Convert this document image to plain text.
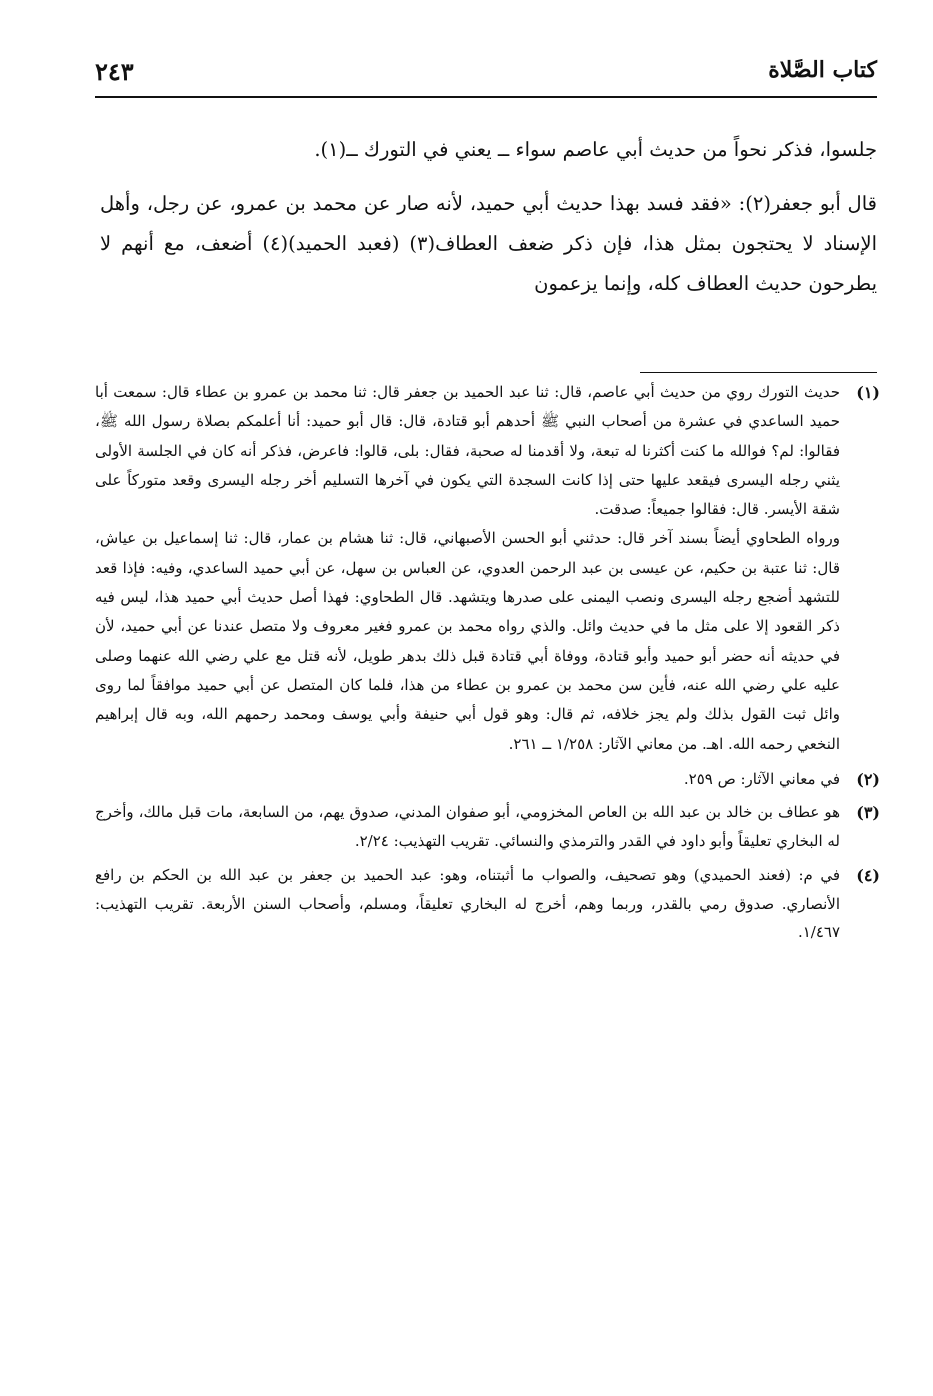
كتاب الصَّلاة
٢٤٣

جلسوا، فذكر نحواً من حديث أبي عاصم سواء ــ يعني في التورك ــ(١).

قال أبو جعفر(٢): «فقد فسد بهذا حديث أبي حميد، لأنه صار عن محمد بن عمرو، عن رجل، وأهل الإسناد لا يحتجون بمثل هذا، فإن ذكر ضعف العطاف(٣) (فعبد الحميد)(٤) أضعف، مع أنهم لا يطرحون حديث العطاف كله، وإنما يزعمون

(١)

حديث التورك روي من حديث أبي عاصم، قال: ثنا عبد الحميد بن جعفر قال: ثنا محمد بن عمرو بن عطاء قال: سمعت أبا حميد الساعدي في عشرة من أصحاب النبي ﷺ أحدهم أبو قتادة، قال: قال أبو حميد: أنا أعلمكم بصلاة رسول الله ﷺ، فقالوا: لم؟ فوالله ما كنت أكثرنا له تبعة، ولا أقدمنا له صحبة، فقال: بلى، قالوا: فاعرض، فذكر أنه كان في الجلسة الأولى يثني رجله اليسرى فيقعد عليها حتى إذا كانت السجدة التي يكون في آخرها التسليم أخر رجله اليسرى وقعد متوركاً على شقة الأيسر. قال: فقالوا جميعاً: صدقت.

ورواه الطحاوي أيضاً بسند آخر قال: حدثني أبو الحسن الأصبهاني، قال: ثنا هشام بن عمار، قال: ثنا إسماعيل بن عياش، قال: ثنا عتبة بن حكيم، عن عيسى بن عبد الرحمن العدوي، عن العباس بن سهل، عن أبي حميد الساعدي، وفيه: فإذا قعد للتشهد أضجع رجله اليسرى ونصب اليمنى على صدرها ويتشهد. قال الطحاوي: فهذا أصل حديث أبي حميد هذا، ليس فيه ذكر القعود إلا على مثل ما في حديث وائل. والذي رواه محمد بن عمرو فغير معروف ولا متصل عندنا عن أبي حميد، لأن في حديثه أنه حضر أبو حميد وأبو قتادة، ووفاة أبي قتادة قبل ذلك بدهر طويل، لأنه قتل مع علي رضي الله عنهما وصلى عليه علي رضي الله عنه، فأين سن محمد بن عمرو بن عطاء من هذا، فلما كان المتصل عن أبي حميد موافقاً لما روى وائل ثبت القول بذلك ولم يجز خلافه، ثم قال: وهو قول أبي حنيفة وأبي يوسف ومحمد رحمهم الله، وبه قال إبراهيم النخعي رحمه الله. اهـ. من معاني الآثار: ١/٢٥٨ ــ ٢٦١.

(٢)

في معاني الآثار: ص ٢٥٩.

(٣)

هو عطاف بن خالد بن عبد الله بن العاص المخزومي، أبو صفوان المدني، صدوق يهم، من السابعة، مات قبل مالك، وأخرج له البخاري تعليقاً وأبو داود في القدر والترمذي والنسائي. تقريب التهذيب: ٢/٢٤.

(٤)

في م: (فعند الحميدي) وهو تصحيف، والصواب ما أثبتناه، وهو: عبد الحميد بن جعفر بن عبد الله بن الحكم بن رافع الأنصاري. صدوق رمي بالقدر، وربما وهم، أخرج له البخاري تعليقاً، ومسلم، وأصحاب السنن الأربعة. تقريب التهذيب: ١/٤٦٧.
